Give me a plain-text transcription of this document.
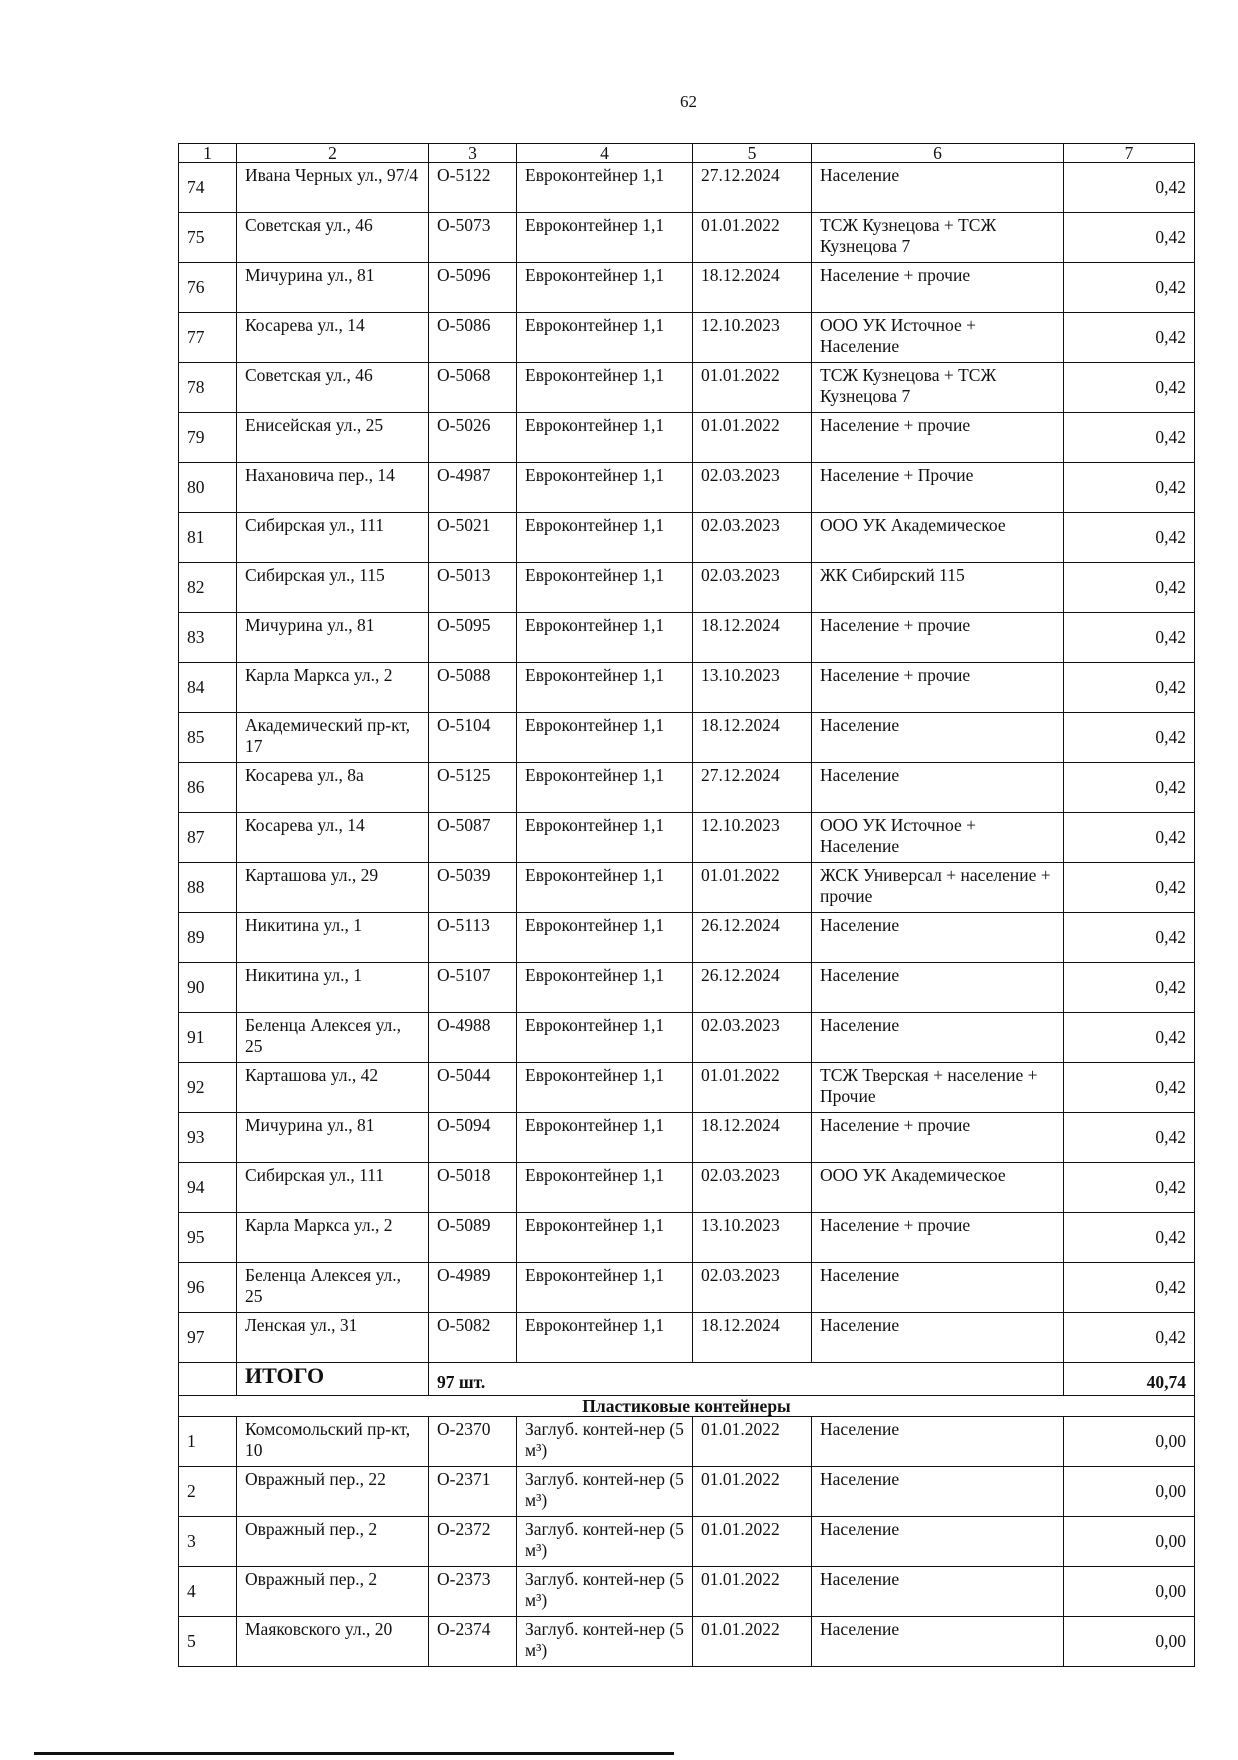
62
1	2	3	4	5	6	7
74	Ивана Черных ул., 97/4	О-5122	Евроконтейнер 1,1	27.12.2024	Население	0,42
75	Советская ул., 46	О-5073	Евроконтейнер 1,1	01.01.2022	ТСЖ Кузнецова + ТСЖ Кузнецова 7	0,42
76	Мичурина ул., 81	О-5096	Евроконтейнер 1,1	18.12.2024	Население + прочие	0,42
77	Косарева ул., 14	О-5086	Евроконтейнер 1,1	12.10.2023	ООО УК Источное + Население	0,42
78	Советская ул., 46	О-5068	Евроконтейнер 1,1	01.01.2022	ТСЖ Кузнецова + ТСЖ Кузнецова 7	0,42
79	Енисейская ул., 25	О-5026	Евроконтейнер 1,1	01.01.2022	Население + прочие	0,42
80	Нахановича пер., 14	О-4987	Евроконтейнер 1,1	02.03.2023	Население + Прочие	0,42
81	Сибирская ул., 111	О-5021	Евроконтейнер 1,1	02.03.2023	ООО УК Академическое	0,42
82	Сибирская ул., 115	О-5013	Евроконтейнер 1,1	02.03.2023	ЖК Сибирский 115	0,42
83	Мичурина ул., 81	О-5095	Евроконтейнер 1,1	18.12.2024	Население + прочие	0,42
84	Карла Маркса ул., 2	О-5088	Евроконтейнер 1,1	13.10.2023	Население + прочие	0,42
85	Академический пр-кт, 17	О-5104	Евроконтейнер 1,1	18.12.2024	Население	0,42
86	Косарева ул., 8а	О-5125	Евроконтейнер 1,1	27.12.2024	Население	0,42
87	Косарева ул., 14	О-5087	Евроконтейнер 1,1	12.10.2023	ООО УК Источное + Население	0,42
88	Карташова ул., 29	О-5039	Евроконтейнер 1,1	01.01.2022	ЖСК Универсал + население + прочие	0,42
89	Никитина ул., 1	О-5113	Евроконтейнер 1,1	26.12.2024	Население	0,42
90	Никитина ул., 1	О-5107	Евроконтейнер 1,1	26.12.2024	Население	0,42
91	Беленца Алексея ул., 25	О-4988	Евроконтейнер 1,1	02.03.2023	Население	0,42
92	Карташова ул., 42	О-5044	Евроконтейнер 1,1	01.01.2022	ТСЖ Тверская + население + Прочие	0,42
93	Мичурина ул., 81	О-5094	Евроконтейнер 1,1	18.12.2024	Население + прочие	0,42
94	Сибирская ул., 111	О-5018	Евроконтейнер 1,1	02.03.2023	ООО УК Академическое	0,42
95	Карла Маркса ул., 2	О-5089	Евроконтейнер 1,1	13.10.2023	Население + прочие	0,42
96	Беленца Алексея ул., 25	О-4989	Евроконтейнер 1,1	02.03.2023	Население	0,42
97	Ленская ул., 31	О-5082	Евроконтейнер 1,1	18.12.2024	Население	0,42
	ИТОГО	97 шт.				40,74
Пластиковые контейнеры						
1	Комсомольский пр-кт, 10	О-2370	Заглуб. контей-нер (5 м³)	01.01.2022	Население	0,00
2	Овражный пер., 22	О-2371	Заглуб. контей-нер (5 м³)	01.01.2022	Население	0,00
3	Овражный пер., 2	О-2372	Заглуб. контей-нер (5 м³)	01.01.2022	Население	0,00
4	Овражный пер., 2	О-2373	Заглуб. контей-нер (5 м³)	01.01.2022	Население	0,00
5	Маяковского ул., 20	О-2374	Заглуб. контей-нер (5 м³)	01.01.2022	Население	0,00
